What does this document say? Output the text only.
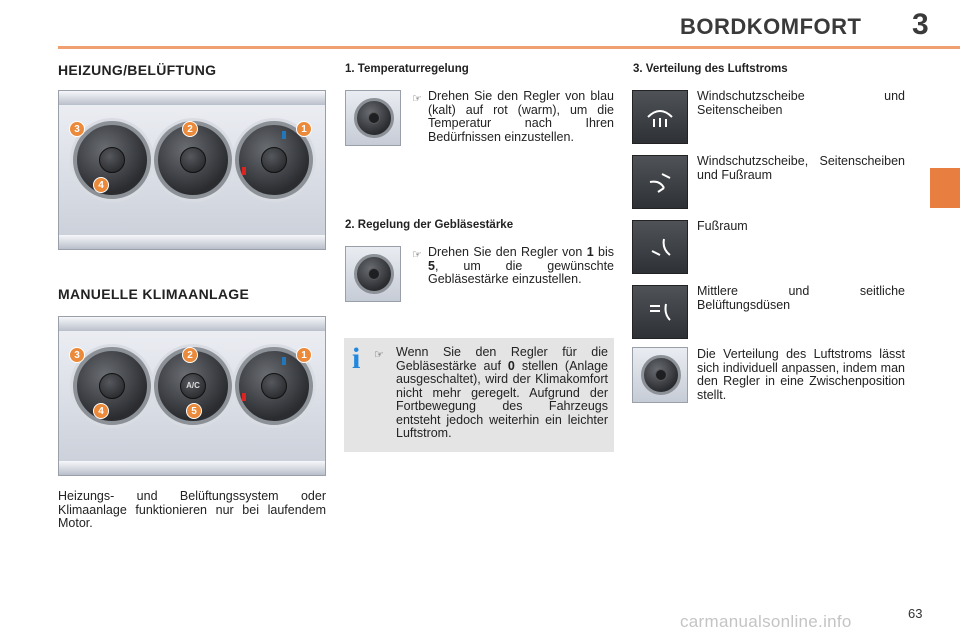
BORDKOMFORT 3
HEIZUNG/BELÜFTUNG
3
4
2	1
MANUELLE KLIMAANLAGE
A/C
3
4
2
5
1

Heizungs- und Belüftungssystem oder Klimaanlage funktionieren nur bei laufendem Motor.

1. Temperaturregelung
☞ Drehen Sie den Regler von blau (kalt) auf rot (warm), um die Temperatur nach Ihren Bedürfnissen einzustellen.

2. Regelung der Gebläsestärke
☞ Drehen Sie den Regler von 1 bis 5, um die gewünschte Gebläsestärke einzustellen.

i ☞ Wenn Sie den Regler für die Gebläsestärke auf 0 stellen (Anlage ausgeschaltet), wird der Klimakomfort nicht mehr geregelt. Aufgrund der Fortbewegung des Fahrzeugs entsteht jedoch weiterhin ein leichter Luftstrom.

3. Verteilung des Luftstroms

Windschutzscheibe und Seitenscheiben

Windschutzscheibe, Seitenscheiben und Fußraum

Fußraum

Mittlere und seitliche Belüftungsdüsen

Die Verteilung des Luftstroms lässt sich individuell anpassen, indem man den Regler in eine Zwischenposition stellt.

63
carmanualsonline.info
